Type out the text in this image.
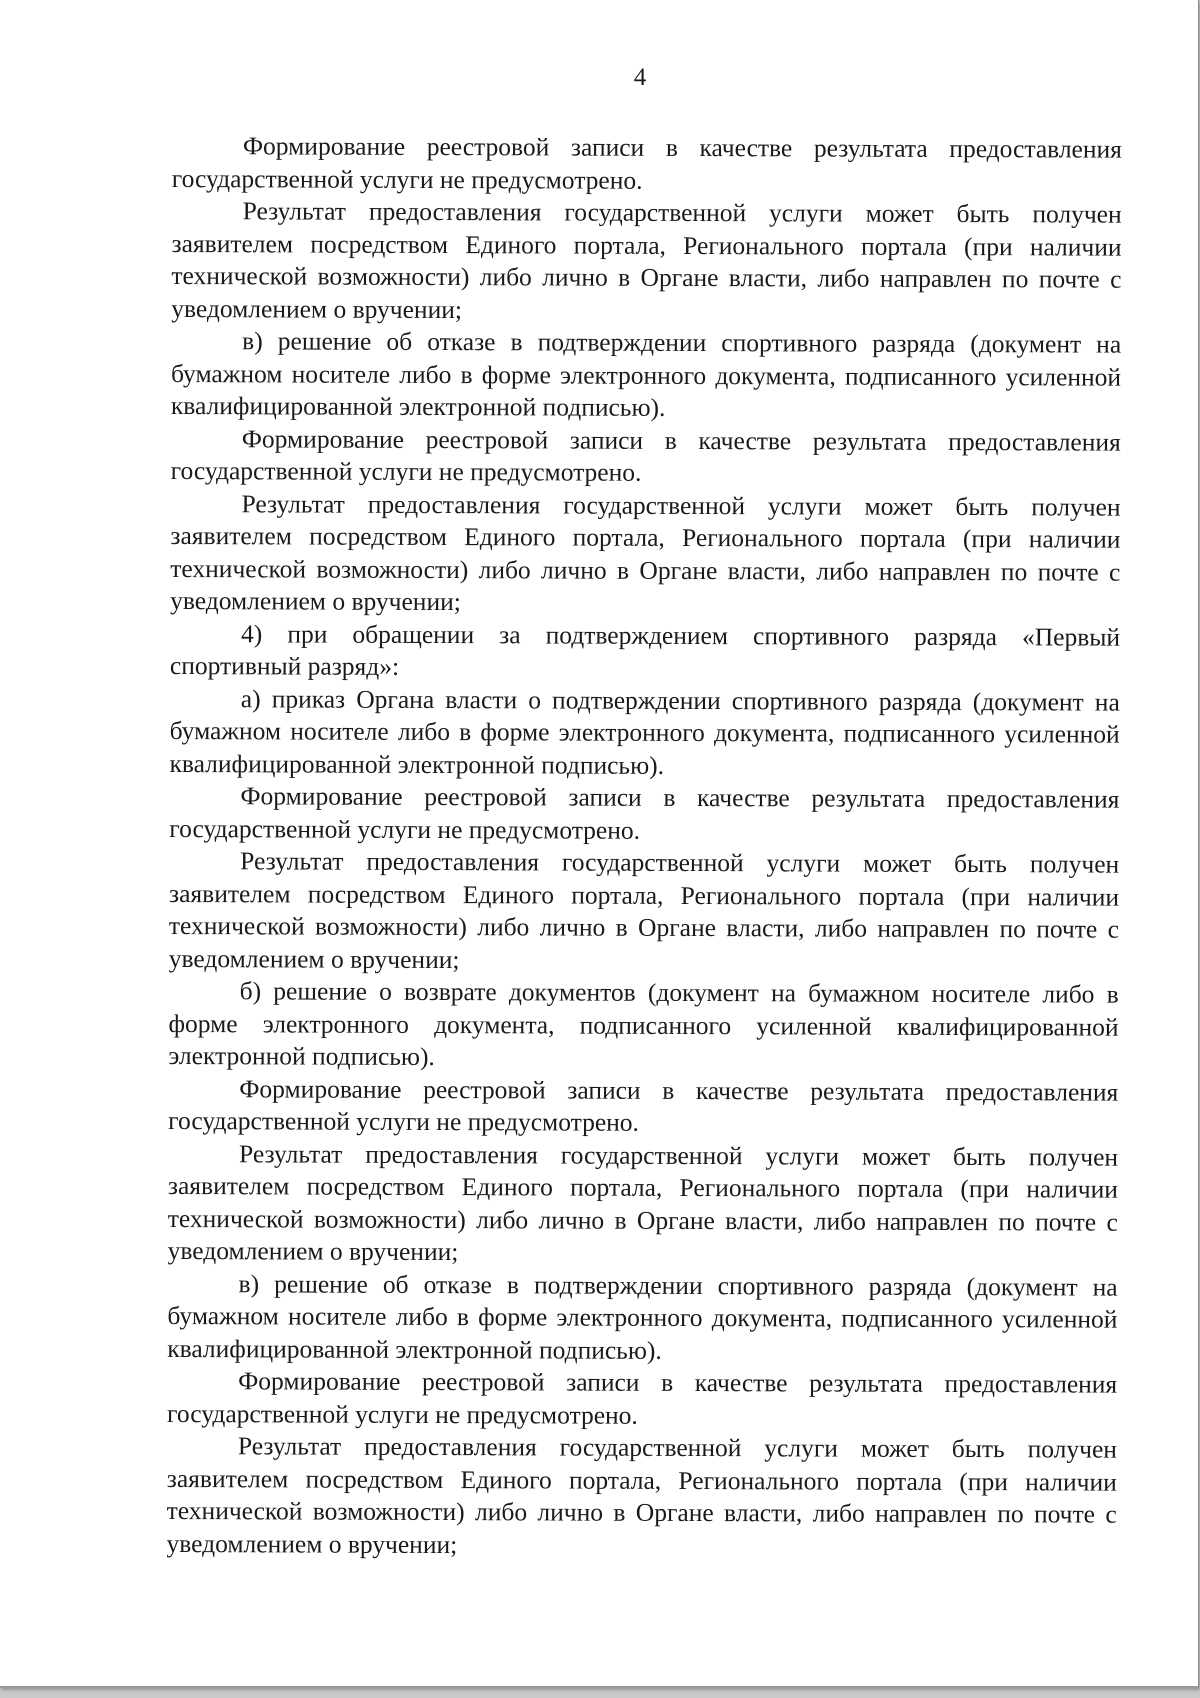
4

Формирование реестровой записи в качестве результата предоставления государственной услуги не предусмотрено.

Результат предоставления государственной услуги может быть получен заявителем посредством Единого портала, Регионального портала (при наличии технической возможности) либо лично в Органе власти, либо направлен по почте с уведомлением о вручении;

в) решение об отказе в подтверждении спортивного разряда (документ на бумажном носителе либо в форме электронного документа, подписанного усиленной квалифицированной электронной подписью).

Формирование реестровой записи в качестве результата предоставления государственной услуги не предусмотрено.

Результат предоставления государственной услуги может быть получен заявителем посредством Единого портала, Регионального портала (при наличии технической возможности) либо лично в Органе власти, либо направлен по почте с уведомлением о вручении;

4) при обращении за подтверждением спортивного разряда «Первый спортивный разряд»:

а) приказ Органа власти о подтверждении спортивного разряда (документ на бумажном носителе либо в форме электронного документа, подписанного усиленной квалифицированной электронной подписью).

Формирование реестровой записи в качестве результата предоставления государственной услуги не предусмотрено.

Результат предоставления государственной услуги может быть получен заявителем посредством Единого портала, Регионального портала (при наличии технической возможности) либо лично в Органе власти, либо направлен по почте с уведомлением о вручении;

б) решение о возврате документов (документ на бумажном носителе либо в форме электронного документа, подписанного усиленной квалифицированной электронной подписью).

Формирование реестровой записи в качестве результата предоставления государственной услуги не предусмотрено.

Результат предоставления государственной услуги может быть получен заявителем посредством Единого портала, Регионального портала (при наличии технической возможности) либо лично в Органе власти, либо направлен по почте с уведомлением о вручении;

в) решение об отказе в подтверждении спортивного разряда (документ на бумажном носителе либо в форме электронного документа, подписанного усиленной квалифицированной электронной подписью).

Формирование реестровой записи в качестве результата предоставления государственной услуги не предусмотрено.

Результат предоставления государственной услуги может быть получен заявителем посредством Единого портала, Регионального портала (при наличии технической возможности) либо лично в Органе власти, либо направлен по почте с уведомлением о вручении;
